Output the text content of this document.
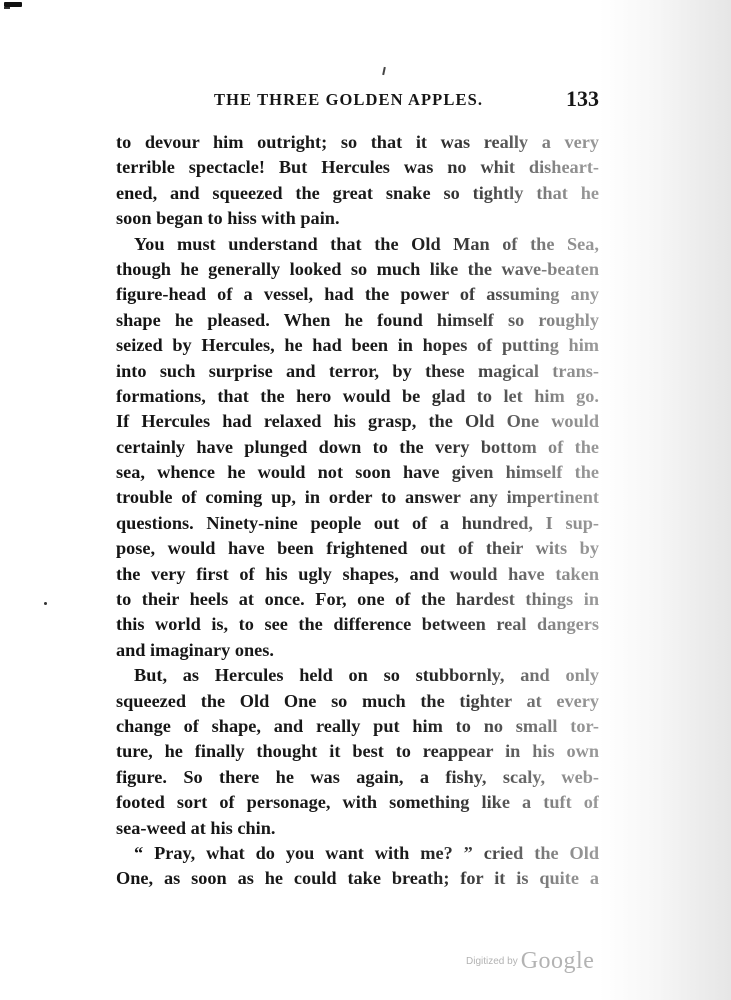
THE THREE GOLDEN APPLES.	133
to devour him outright; so that it was really a very
terrible spectacle! But Hercules was no whit disheart-
ened, and squeezed the great snake so tightly that he
soon began to hiss with pain.
You must understand that the Old Man of the Sea,
though he generally looked so much like the wave-beaten
figure-head of a vessel, had the power of assuming any
shape he pleased. When he found himself so roughly
seized by Hercules, he had been in hopes of putting him
into such surprise and terror, by these magical trans-
formations, that the hero would be glad to let him go.
If Hercules had relaxed his grasp, the Old One would
certainly have plunged down to the very bottom of the
sea, whence he would not soon have given himself the
trouble of coming up, in order to answer any impertinent
questions. Ninety-nine people out of a hundred, I sup-
pose, would have been frightened out of their wits by
the very first of his ugly shapes, and would have taken
to their heels at once. For, one of the hardest things in
this world is, to see the difference between real dangers
and imaginary ones.
But, as Hercules held on so stubbornly, and only
squeezed the Old One so much the tighter at every
change of shape, and really put him to no small tor-
ture, he finally thought it best to reappear in his own
figure. So there he was again, a fishy, scaly, web-
footed sort of personage, with something like a tuft of
sea-weed at his chin.
“ Pray, what do you want with me? ” cried the Old
One, as soon as he could take breath; for it is quite a
$^{Digitized by}$ Google
